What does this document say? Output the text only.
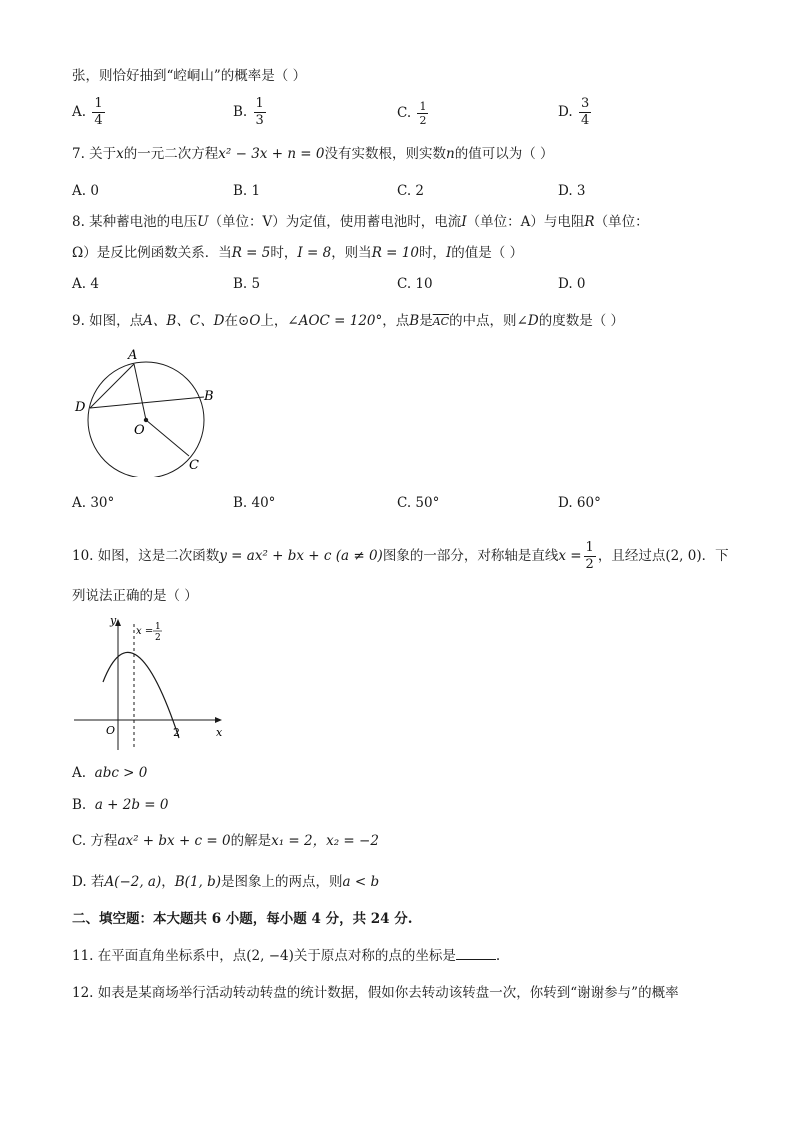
张，则恰好抽到“崆峒山”的概率是（ ）
A. $\frac{1}{4}$	B. $\frac{1}{3}$	C. $\frac{1}{2}$	D. $\frac{3}{4}$
7. 关于x的一元二次方程x² − 3x + n = 0没有实数根，则实数n的值可以为（ ）
A. 0	B. 1	C. 2	D. 3
8. 某种蓄电池的电压U（单位：V）为定值，使用蓄电池时，电流I（单位：A）与电阻R（单位：
Ω）是反比例函数关系．当R = 5时，I = 8，则当R = 10时，I的值是（ ）
A. 4	B. 5	C. 10	D. 0
9. 如图，点A、B、C、D在⊙O上，∠AOC = 120°，点B是$\overline{AC}$的中点，则∠D的度数是（ ）
A
B
C
D
O
A. 30°	B. 40°	C. 50°	D. 60°
10. 如图，这是二次函数y = ax² + bx + c (a ≠ 0)图象的一部分，对称轴是直线$x = \frac{1}{2}$ ，且经过点(2, 0)．下
列说法正确的是（ ）
y
x
O	2
x = 1
2
A. abc > 0
B. a + 2b = 0
C. 方程ax² + bx + c = 0的解是x₁ = 2，x₂ = −2
D. 若A(−2, a)，B(1, b)是图象上的两点，则a < b
二、填空题：本大题共 6 小题，每小题 4 分，共 24 分.
11. 在平面直角坐标系中，点(2, −4)关于原点对称的点的坐标是	.
12. 如表是某商场举行活动转动转盘的统计数据，假如你去转动该转盘一次，你转到“谢谢参与”的概率
